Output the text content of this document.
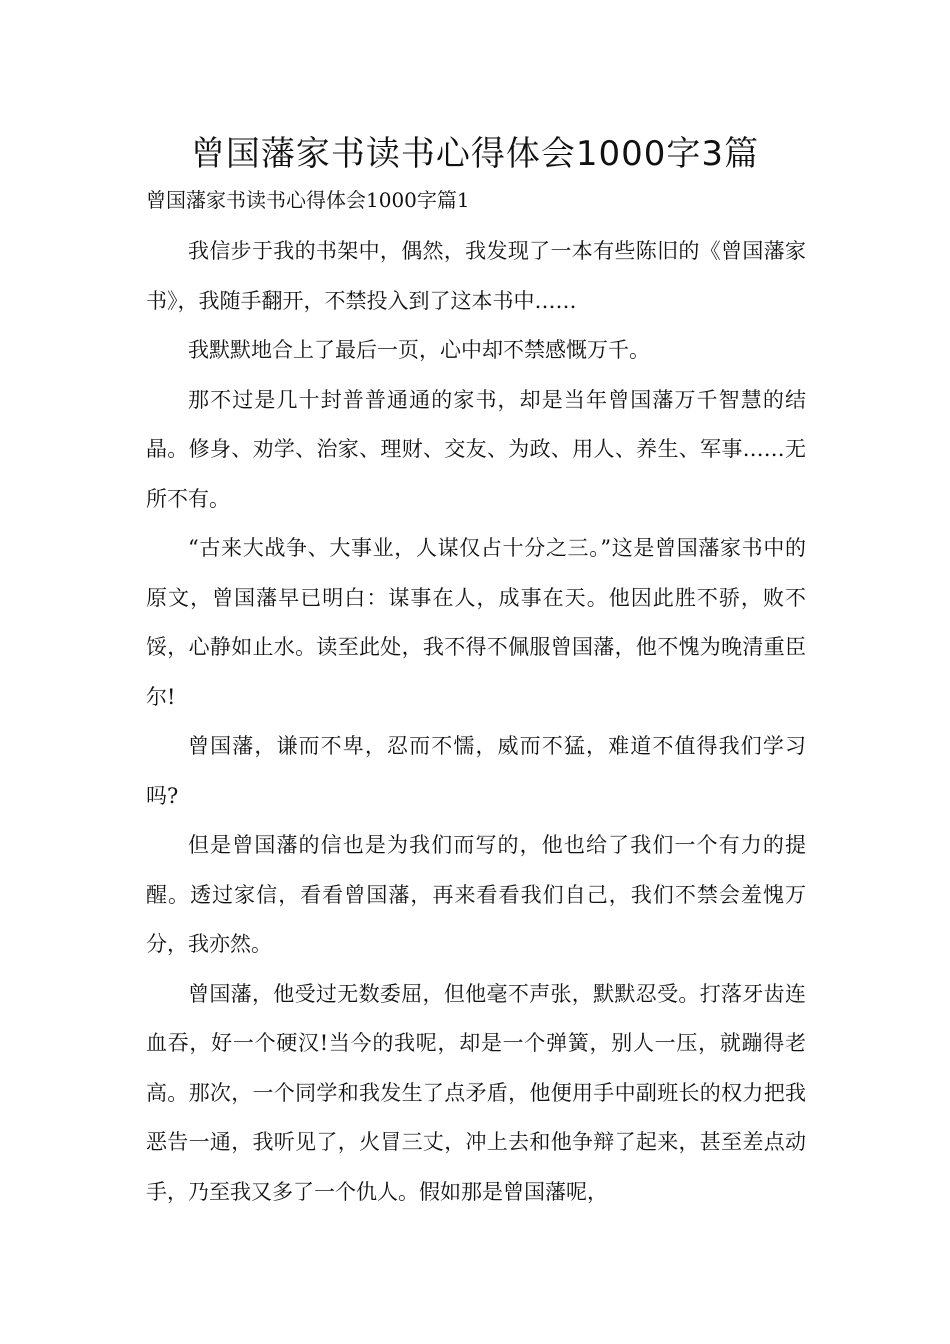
曾国藩家书读书心得体会1000字3篇

曾国藩家书读书心得体会1000字篇1

我信步于我的书架中，偶然，我发现了一本有些陈旧的《曾国藩家书》，我随手翻开，不禁投入到了这本书中……

我默默地合上了最后一页，心中却不禁感慨万千。

那不过是几十封普普通通的家书，却是当年曾国藩万千智慧的结晶。修身、劝学、治家、理财、交友、为政、用人、养生、军事……无所不有。

“古来大战争、大事业，人谋仅占十分之三。”这是曾国藩家书中的原文，曾国藩早已明白：谋事在人，成事在天。他因此胜不骄，败不馁，心静如止水。读至此处，我不得不佩服曾国藩，他不愧为晚清重臣尔!

曾国藩，谦而不卑，忍而不懦，威而不猛，难道不值得我们学习吗?

但是曾国藩的信也是为我们而写的，他也给了我们一个有力的提醒。透过家信，看看曾国藩，再来看看我们自己，我们不禁会羞愧万分，我亦然。

曾国藩，他受过无数委屈，但他毫不声张，默默忍受。打落牙齿连血吞，好一个硬汉!当今的我呢，却是一个弹簧，别人一压，就蹦得老高。那次，一个同学和我发生了点矛盾，他便用手中副班长的权力把我恶告一通，我听见了，火冒三丈，冲上去和他争辩了起来，甚至差点动手，乃至我又多了一个仇人。假如那是曾国藩呢，
